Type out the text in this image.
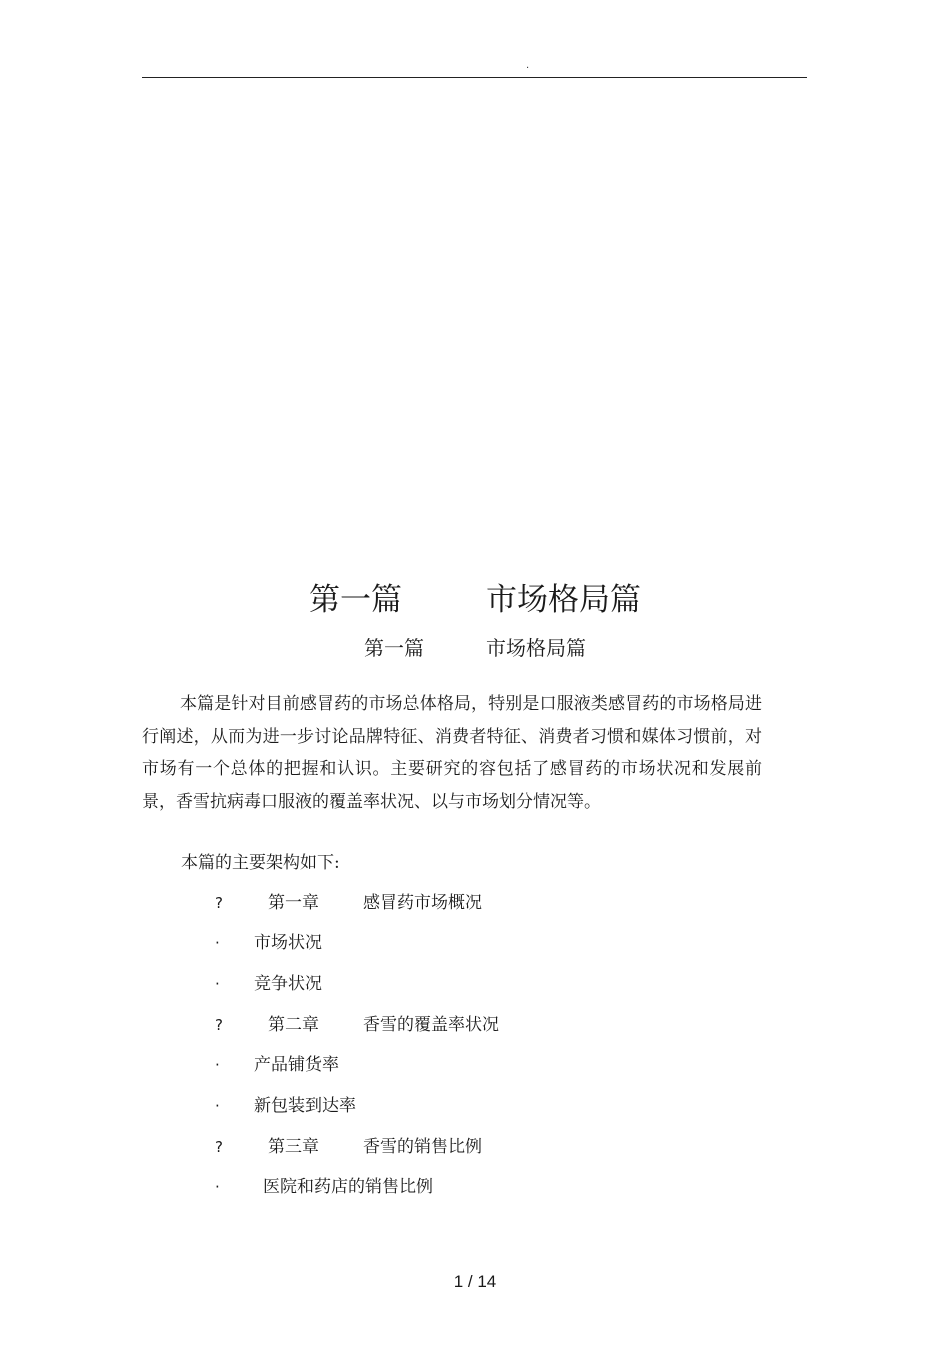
.
第一篇	市场格局篇
第一篇	市场格局篇

本篇是针对目前感冒药的市场总体格局，特别是口服液类感冒药的市场格局进行阐述，从而为进一步讨论品牌特征、消费者特征、消费者习惯和媒体习惯前，对市场有一个总体的把握和认识。主要研究的容包括了感冒药的市场状况和发展前景，香雪抗病毒口服液的覆盖率状况、以与市场划分情况等。

本篇的主要架构如下:

?	第一章	感冒药市场概况
· 市场状况
· 竞争状况
?	第二章	香雪的覆盖率状况
· 产品铺货率
· 新包装到达率
?	第三章	香雪的销售比例
·	医院和药店的销售比例
1 / 14
